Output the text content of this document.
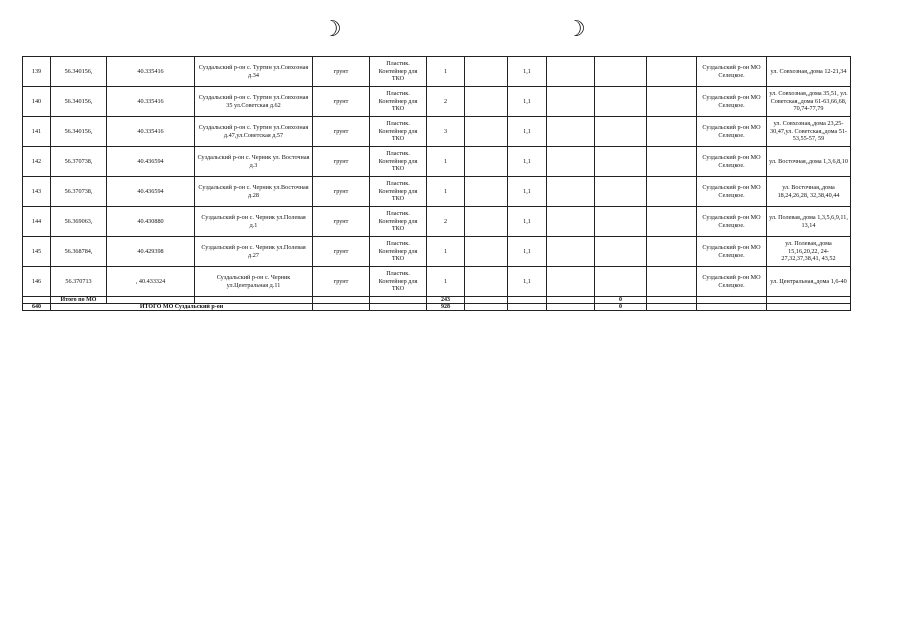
☽	☽
139	56.340156,	40.335416	Суздальский р-он с. Туртин ул.Совхозная д.34	грунт	Пластик. Контейнер для ТКО	1		1,1				Суздальский р-он МО Селецкое.	ул. Совхозная,,дома 12-21,34
140	56.340156,	40.335416	Суздальский р-он с. Туртин ул.Совхозная 35 ул.Советская д.62	грунт	Пластик. Контейнер для ТКО	2		1,1				Суздальский р-он МО Селецкое.	ул. Совхозная,,дома 35,51, ул. Советская,,дома 61-63,66,68, 70,74-77,79
141	56.340156,	40.335416	Суздальский р-он с. Туртин ул.Совхозная д.47,ул.Советская д.57	грунт	Пластик. Контейнер для ТКО	3		1,1				Суздальский р-он МО Селецкое.	ул. Совхозная,,дома 23,25-30,47,ул. Советская,,дома 51-53,55-57, 59
142	56.370738,	40.436594	Суздальский р-он с. Черник ул. Восточная д.3	грунт	Пластик. Контейнер для ТКО	1		1,1				Суздальский р-он МО Селецкое.	ул. Восточная,,дома 1,3,6,8,10
143	56.370738,	40.436594	Суздальский р-он с. Черник ул.Восточная д.28	грунт	Пластик. Контейнер для ТКО	1		1,1				Суздальский р-он МО Селецкое.	ул. Восточная,,дома 18,24,26,28, 32,38,40,44
144	56.369063,	40.430880	Суздальский р-он с. Черник ул.Полевая д.1	грунт	Пластик. Контейнер для ТКО	2		1,1				Суздальский р-он МО Селецкое.	ул. Полевая,,дома 1,3,5,6,9,11, 13,14
145	56.368784,	40.429398	Суздальский р-он с. Черник ул.Полевая д.27	грунт	Пластик. Контейнер для ТКО	1		1,1				Суздальский р-он МО Селецкое.	ул. Полевая,,дома 15,16,20,22, 24-27,32,37,38,41, 43,52
146	56.370713	, 40.433324	Суздальский р-он с. Черник ул.Центральная д.11	грунт	Пластик. Контейнер для ТКО	1		1,1				Суздальский р-он МО Селецкое.	ул. Центральная,,дома 1,6-40
	Итого по МО					243				0			
640	ИТОГО МО Суздальский р-он					928				0			
